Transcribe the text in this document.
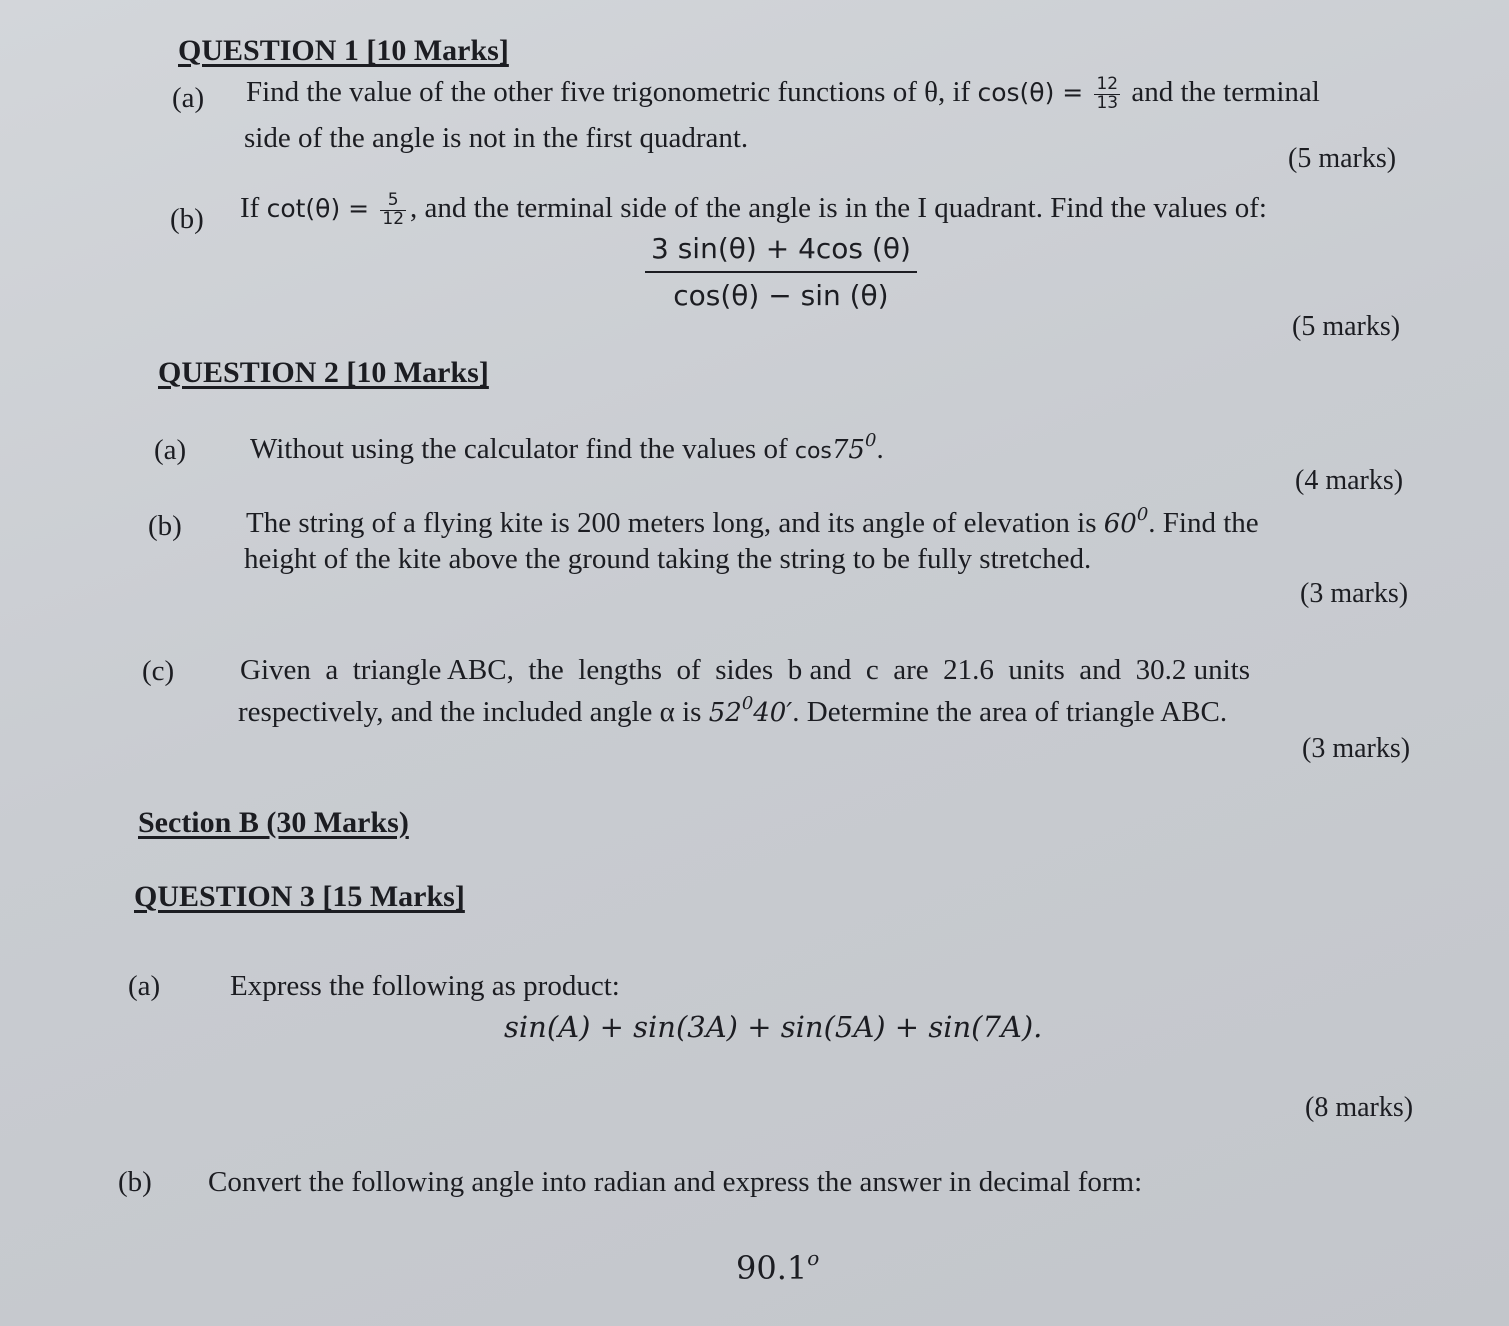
QUESTION 1 [10 Marks]
(a) Find the value of the other five trigonometric functions of θ, if $\cos(\theta) = \frac{12}{13}$ and the terminal
side of the angle is not in the first quadrant.
(5 marks)
(b) If $\cot(\theta) = \frac{5}{12}$ , and the terminal side of the angle is in the I quadrant. Find the values of:
$\frac{3 \sin(\theta) + 4\cos (\theta)}{\cos(\theta) - \sin (\theta)}$
(5 marks)
QUESTION 2 [10 Marks]
(a) Without using the calculator find the values of $\cos 75^0$.
(4 marks)
(b) The string of a flying kite is 200 meters long, and its angle of elevation is $60^0$. Find the
height of the kite above the ground taking the string to be fully stretched.
(3 marks)
(c) Given  a  triangle ABC,  the  lengths  of  sides  b and  c  are  21.6  units  and  30.2 units
respectively, and the included angle α is $52^040'$. Determine the area of triangle ABC.
(3 marks)
Section B (30 Marks)
QUESTION 3 [15 Marks]
(a) Express the following as product:
sin(A) + sin(3A) + sin(5A) + sin(7A).
(8 marks)
(b) Convert the following angle into radian and express the answer in decimal form:
90.1$^o$
